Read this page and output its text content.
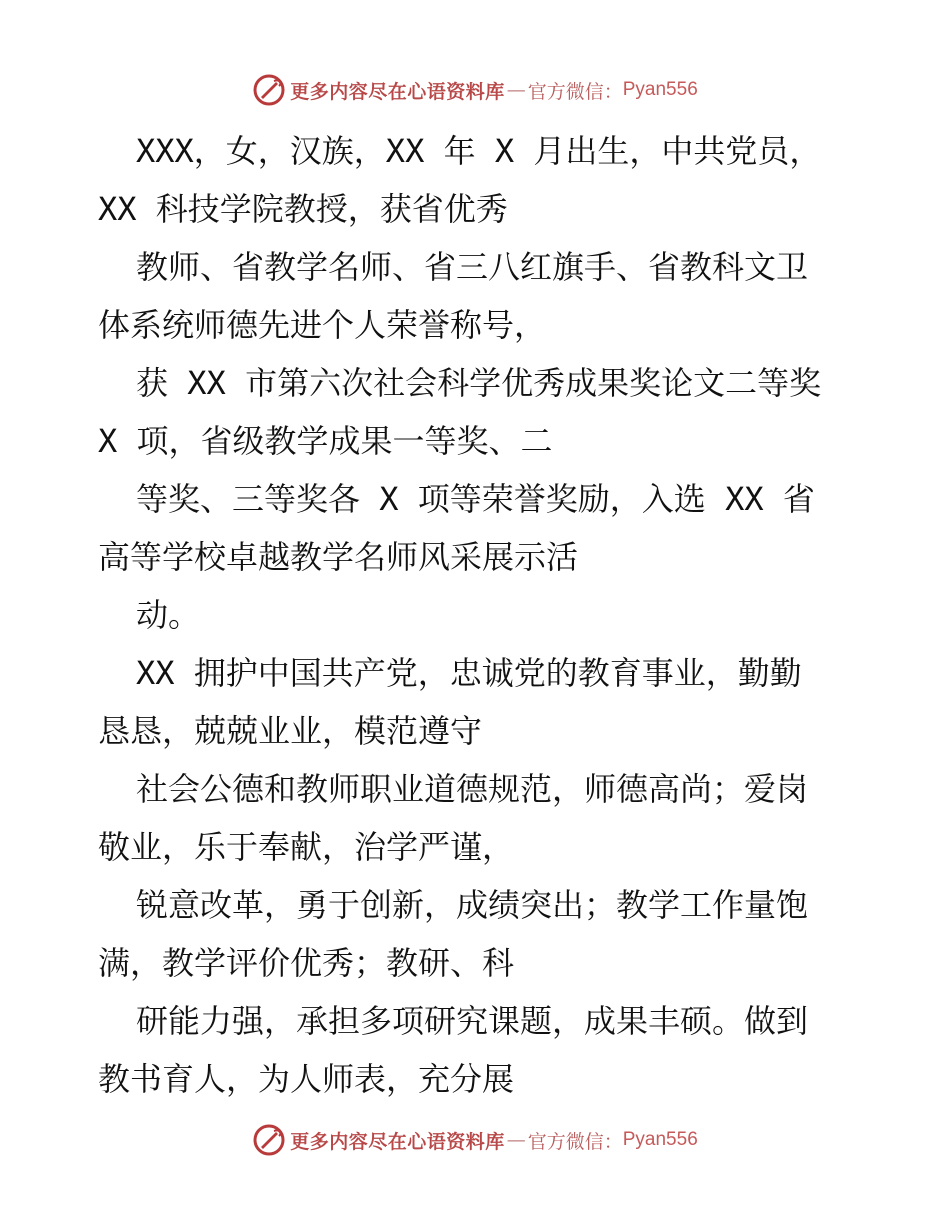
更多内容尽在心语资料库 — 官方微信： Pyan556
XXX，女，汉族，XX 年 X 月出生，中共党员，
XX 科技学院教授，获省优秀
教师、省教学名师、省三八红旗手、省教科文卫
体系统师德先进个人荣誉称号，
获 XX 市第六次社会科学优秀成果奖论文二等奖
X 项，省级教学成果一等奖、二
等奖、三等奖各 X 项等荣誉奖励，入选 XX 省
高等学校卓越教学名师风采展示活
动。
XX 拥护中国共产党，忠诚党的教育事业，勤勤
恳恳，兢兢业业，模范遵守
社会公德和教师职业道德规范，师德高尚；爱岗
敬业，乐于奉献，治学严谨，
锐意改革，勇于创新，成绩突出；教学工作量饱
满，教学评价优秀；教研、科
研能力强，承担多项研究课题，成果丰硕。做到
教书育人，为人师表，充分展
更多内容尽在心语资料库 — 官方微信： Pyan556
